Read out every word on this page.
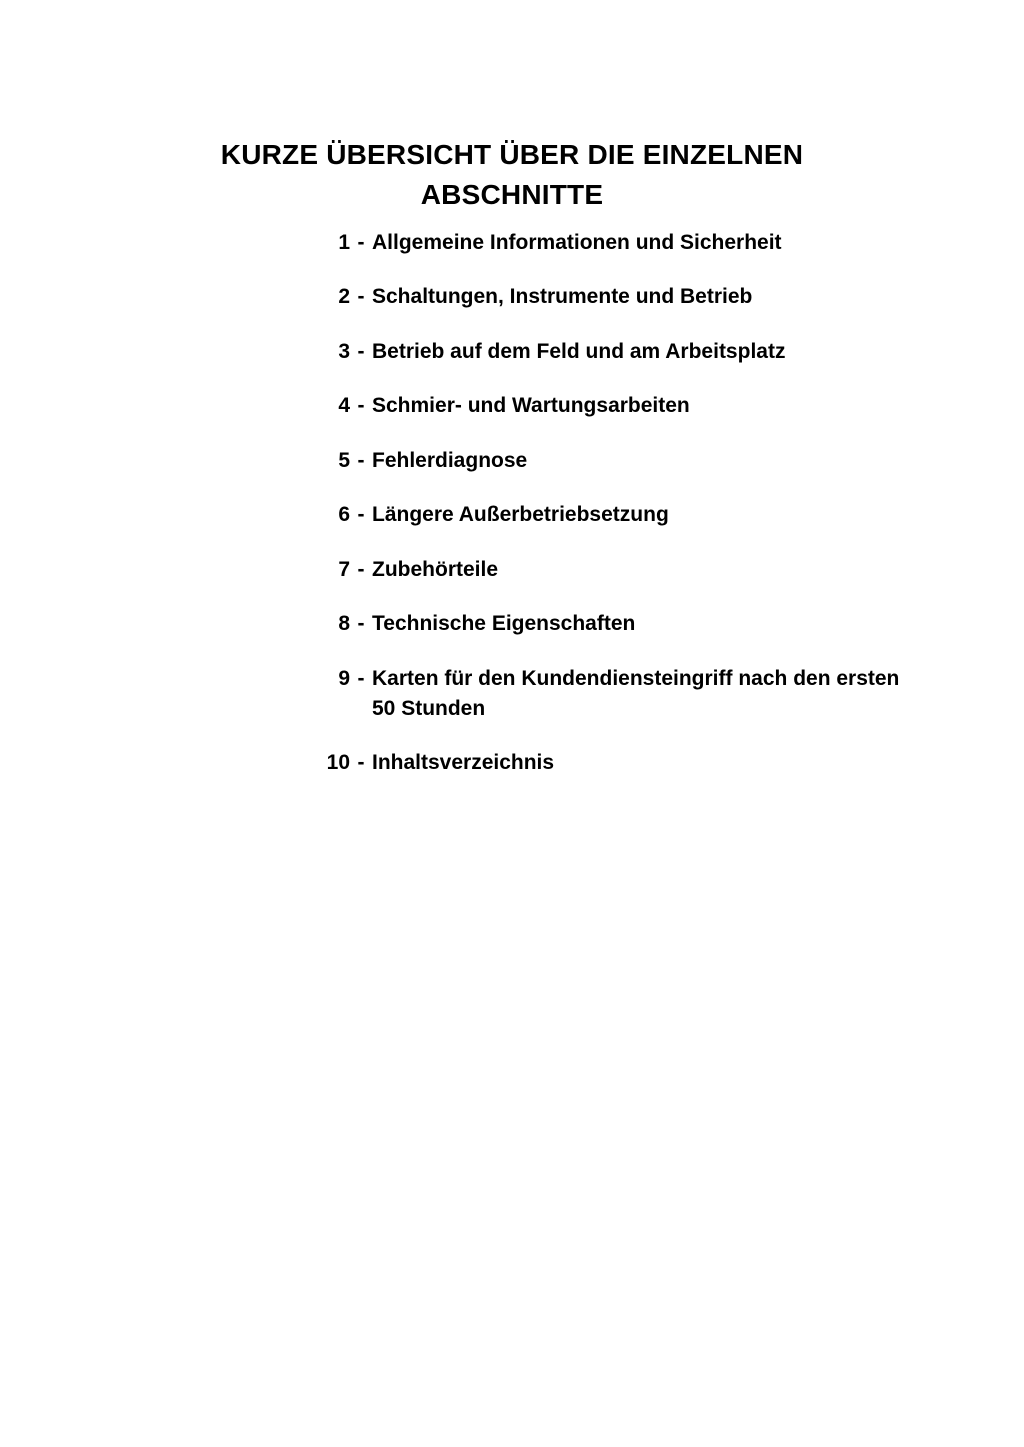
KURZE ÜBERSICHT ÜBER DIE EINZELNEN ABSCHNITTE
1 - Allgemeine Informationen und Sicherheit
2 - Schaltungen, Instrumente und Betrieb
3 - Betrieb auf dem Feld und am Arbeitsplatz
4 - Schmier- und Wartungsarbeiten
5 - Fehlerdiagnose
6 - Längere Außerbetriebsetzung
7 - Zubehörteile
8 - Technische Eigenschaften
9 - Karten für den Kundendiensteingriff nach den ersten 50 Stunden
10 - Inhaltsverzeichnis
